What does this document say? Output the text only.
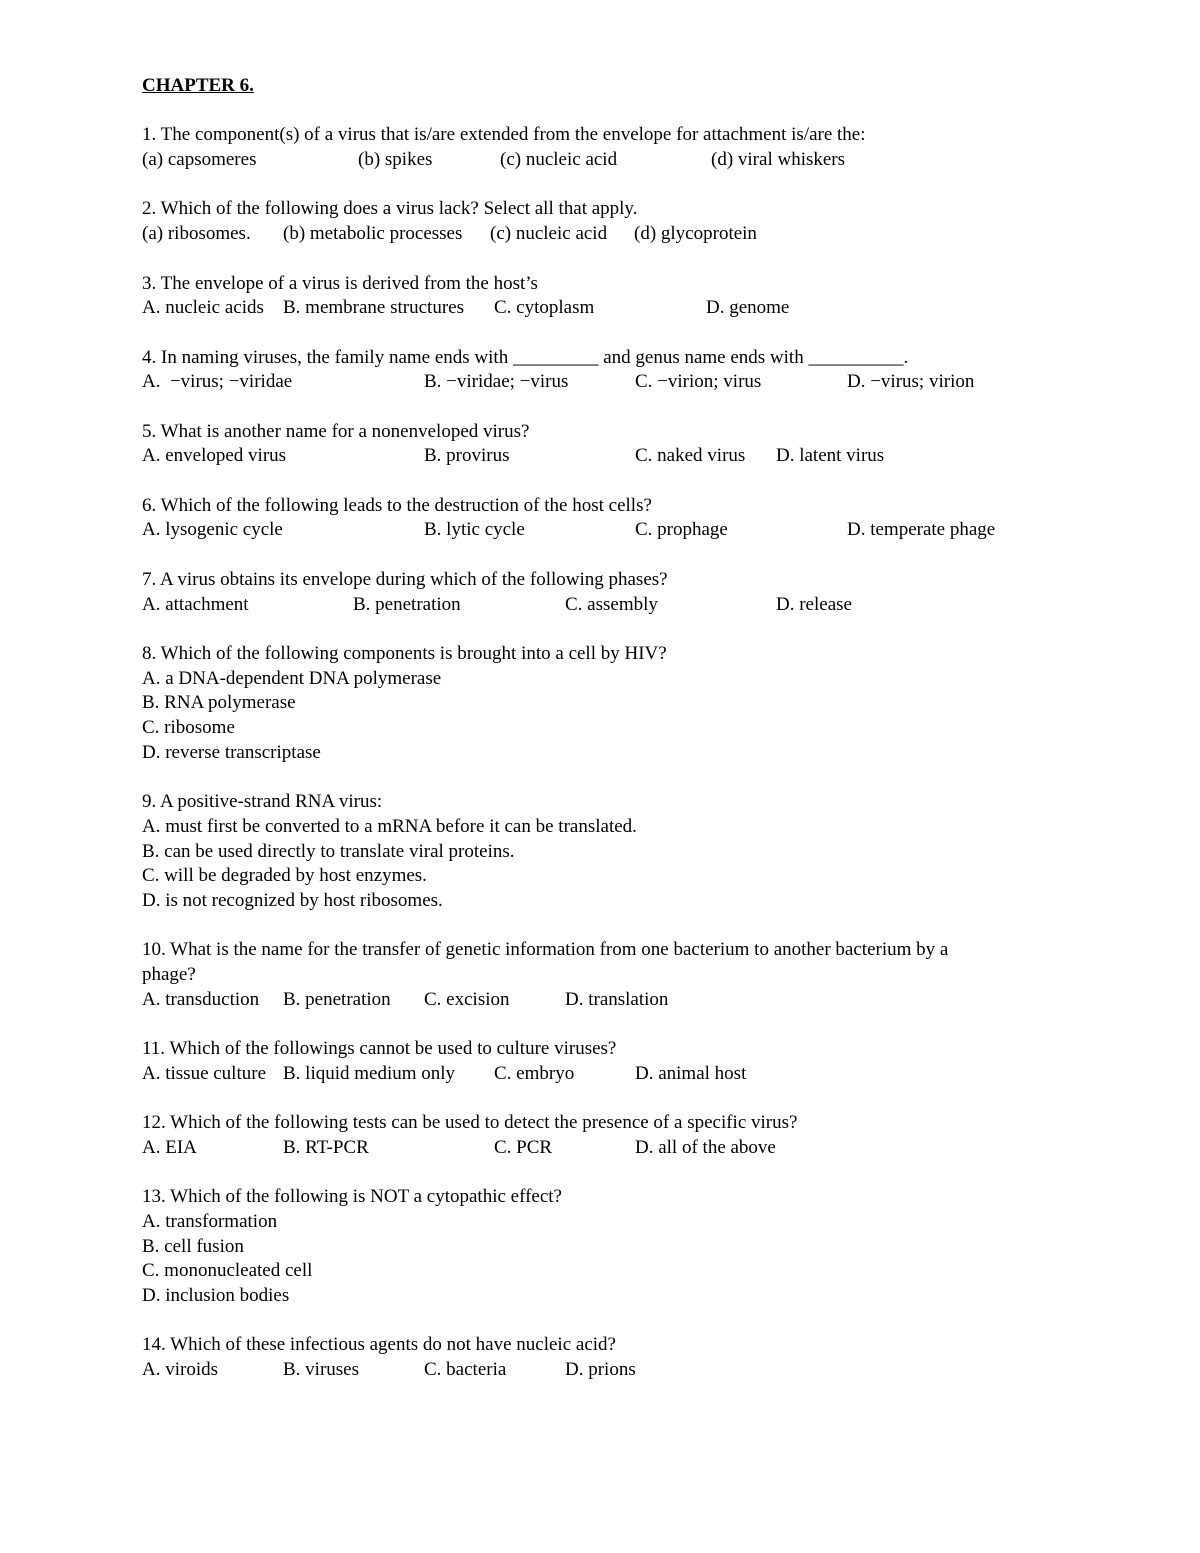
CHAPTER 6.
1. The component(s) of a virus that is/are extended from the envelope for attachment is/are the:
(a) capsomeres	(b) spikes	(c) nucleic acid	(d) viral whiskers
2. Which of the following does a virus lack? Select all that apply.
(a) ribosomes. (b) metabolic processes (c) nucleic acid (d) glycoprotein
3. The envelope of a virus is derived from the host’s
A. nucleic acids B. membrane structures C. cytoplasm	D. genome
4. In naming viruses, the family name ends with _________ and genus name ends with __________.
A.  −virus; −viridae	B. −viridae; −virus	C. −virion; virus	D. −virus; virion
5. What is another name for a nonenveloped virus?
A. enveloped virus	B. provirus	C. naked virus D. latent virus
6. Which of the following leads to the destruction of the host cells?
A. lysogenic cycle	B. lytic cycle	C. prophage	D. temperate phage
7. A virus obtains its envelope during which of the following phases?
A. attachment	B. penetration	C. assembly	D. release
8. Which of the following components is brought into a cell by HIV?
A. a DNA-dependent DNA polymerase
B. RNA polymerase
C. ribosome
D. reverse transcriptase
9. A positive-strand RNA virus:
A. must first be converted to a mRNA before it can be translated.
B. can be used directly to translate viral proteins.
C. will be degraded by host enzymes.
D. is not recognized by host ribosomes.
10. What is the name for the transfer of genetic information from one bacterium to another bacterium by a
phage?
A. transduction B. penetration C. excision	D. translation
11. Which of the followings cannot be used to culture viruses?
A. tissue culture B. liquid medium only C. embryo	D. animal host
12. Which of the following tests can be used to detect the presence of a specific virus?
A. EIA	B. RT-PCR	C. PCR	D. all of the above
13. Which of the following is NOT a cytopathic effect?
A. transformation
B. cell fusion
C. mononucleated cell
D. inclusion bodies
14. Which of these infectious agents do not have nucleic acid?
A. viroids	B. viruses	C. bacteria	D. prions
